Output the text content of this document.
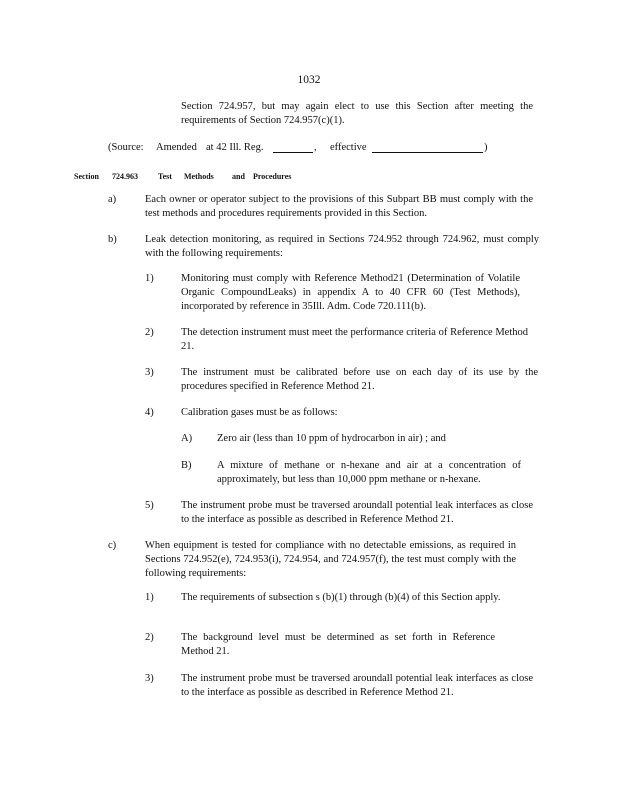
1032
Section 724.957, but may again elect to use this Section after meeting the requirements of Section 724.957(c)(1).
(Source: Amended at 42 Ill. Reg.	, effective	)
Section 724.963	Test Methods and Procedures
a)	Each owner or operator subject to the provisions of this Subpart BB must comply with the test methods and procedures requirements provided in this Section.
b)	Leak detection monitoring, as required in Sections 724.952 through 724.962, must comply with the following requirements:
1)	Monitoring must comply with Reference Method21 (Determination of Volatile Organic CompoundLeaks) in appendix A to 40 CFR 60 (Test Methods), incorporated by reference in 35Ill. Adm. Code 720.111(b).
2)	The detection instrument must meet the performance criteria of Reference Method 21.
3)	The instrument must be calibrated before use on each day of its use by the procedures specified in Reference Method 21.
4)	Calibration gases must be as follows:
A) Zero air (less than 10 ppm of hydrocarbon in air) ; and
B) A mixture of methane or n-hexane and air at a concentration of approximately, but less than 10,000 ppm methane or n-hexane.
5)	The instrument probe must be traversed aroundall potential leak interfaces as close to the interface as possible as described in Reference Method 21.
c)	When equipment is tested for compliance with no detectable emissions, as required in Sections 724.952(e), 724.953(i), 724.954, and 724.957(f), the test must comply with the following requirements:
1)	The requirements of subsection s (b)(1) through (b)(4) of this Section apply.
2)	The background level must be determined as set forth in Reference Method 21.
3)	The instrument probe must be traversed aroundall potential leak interfaces as close to the interface as possible as described in Reference Method 21.
